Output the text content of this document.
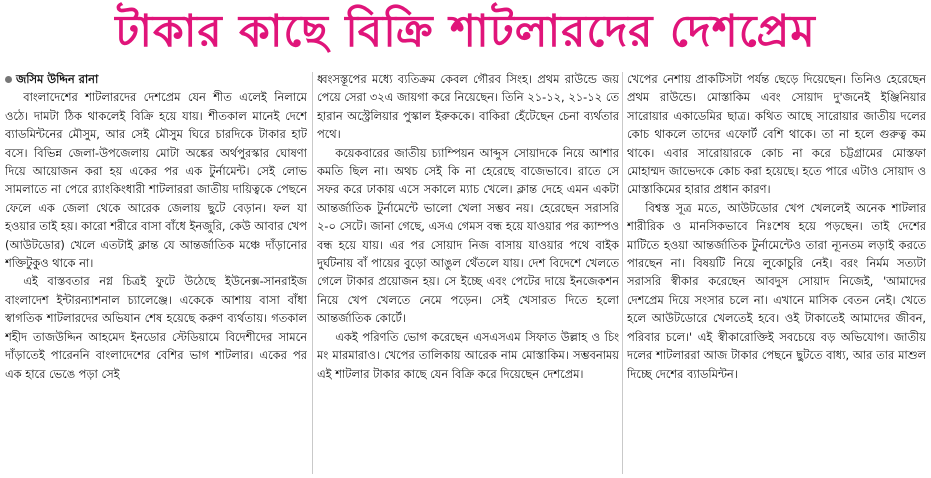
টাকার কাছে বিক্রি শাটলারদের দেশপ্রেম
জসিম উদ্দিন রানা

বাংলাদেশের শাটলারদের দেশপ্রেম যেন শীত এলেই নিলামে ওঠে। দামটা ঠিক থাকলেই বিক্রি হয়ে যায়। শীতকাল মানেই দেশে ব্যাডমিন্টনের মৌসুম, আর সেই মৌসুম ঘিরে চারদিকে টাকার হাট বসে। বিভিন্ন জেলা-উপজেলায় মোটা অঙ্কের অর্থপুরস্কার ঘোষণা দিয়ে আয়োজন করা হয় একের পর এক টুর্নামেন্ট। সেই লোভ সামলাতে না পেরে র‍্যাংকিংধারী শাটলাররা জাতীয় দায়িত্বকে পেছনে ফেলে এক জেলা থেকে আরেক জেলায় ছুটে বেড়ান। ফল যা হওয়ার তাই হয়। কারো শরীরে বাসা বাঁধে ইনজুরি, কেউ আবার খেপ (আউটডোর) খেলে এতটাই ক্লান্ত যে আন্তর্জাতিক মঞ্চে দাঁড়ানোর শক্তিটুকুও থাকে না।

এই বাস্তবতার নগ্ন চিত্রই ফুটে উঠেছে ইউনেক্স-সানরাইজ বাংলাদেশ ইন্টারন্যাশনাল চ্যালেঞ্জে। একেকে আশায় বাসা বাঁধা স্বাগতিক শাটলারদের অভিযান শেষ হয়েছে করুণ ব্যর্থতায়। গতকাল শহীদ তাজউদ্দিন আহমেদ ইনডোর স্টেডিয়ামে বিদেশীদের সামনে দাঁড়াতেই পারেননি বাংলাদেশের বেশির ভাগ শাটলার। একের পর এক হারে ভেঙে পড়া সেই

ধ্বংসস্তূপের মধ্যে ব্যতিক্রম কেবল গৌরব সিংহ। প্রথম রাউন্ডে জয় পেয়ে সেরা ৩২এ জায়গা করে নিয়েছেন। তিনি ২১-১২, ২১-১২ তে হারান অস্ট্রেলিয়ার পুস্কাল ইরুককে। বাকিরা হেঁটেছেন চেনা ব্যর্থতার পথে।

কয়েকবারের জাতীয় চ্যাম্পিয়ন আব্দুস সোয়াদকে নিয়ে আশার কমতি ছিল না। অথচ সেই কি না হেরেছে বাজেভাবে। রাতে সে সফর করে ঢাকায় এসে সকালে ম্যাচ খেলে। ক্লান্ত দেহে এমন একটা আন্তর্জাতিক টুর্নামেন্টে ভালো খেলা সম্ভব নয়। হেরেছেন সরাসরি ২-০ সেটে। জানা গেছে, এসএ গেমস বন্ধ হয়ে যাওয়ার পর ক্যাম্পও বন্ধ হয়ে যায়। এর পর সোয়াদ নিজ বাসায় যাওয়ার পথে বাইক দুর্ঘটনায় বাঁ পায়ের বুড়ো আঙুল থেঁতলে যায়। দেশ বিদেশে খেলতে গেলে টাকার প্রয়োজন হয়। সে ইচ্ছে এবং পেটের দায়ে ইনজেকশন নিয়ে খেপ খেলতে নেমে পড়েন। সেই খেসারত দিতে হলো আন্তর্জাতিক কোর্টে।

একই পরিণতি ভোগ করেছেন এসএসএম সিফাত উল্লাহ ও চিং মং মারমারাও। খেপের তালিকায় আরেক নাম মোস্তাকিম। সম্ভবনাময় এই শাটলার টাকার কাছে যেন বিক্রি করে দিয়েছেন দেশপ্রেম।

খেপের নেশায় প্রাকটিসটা পর্যন্ত ছেড়ে দিয়েছেন। তিনিও হেরেছেন প্রথম রাউন্ডে। মোস্তাকিম এবং সোয়াদ দু'জনেই ইঞ্জিনিয়ার সারোয়ার একাডেমির ছাত্র। কথিত আছে সারোয়ার জাতীয় দলের কোচ থাকলে তাদের এফোর্ট বেশি থাকে। তা না হলে গুরুত্ব কম থাকে। এবার সারোয়ারকে কোচ না করে চট্টগ্রামের মোস্তফা মোহাম্মদ জাভেদকে কোচ করা হয়েছে। হতে পারে এটাও সোয়াদ ও মোস্তাকিমের হারার প্রধান কারণ।

বিশ্বস্ত সূত্র মতে, আউটডোর খেপ খেললেই অনেক শাটলার শারীরিক ও মানসিকভাবে নিঃশেষ হয়ে পড়ছেন। তাই দেশের মাটিতে হওয়া আন্তর্জাতিক টুর্নামেন্টেও তারা ন্যূনতম লড়াই করতে পারছেন না। বিষয়টি নিয়ে লুকোচুরি নেই। বরং নির্মম সত্যটা সরাসরি স্বীকার করেছেন আবদুস সোয়াদ নিজেই, 'আমাদের দেশপ্রেম দিয়ে সংসার চলে না। এখানে মাসিক বেতন নেই। খেতে হলে আউটডোরে খেলতেই হবে। ওই টাকাতেই আমাদের জীবন, পরিবার চলে।' এই স্বীকারোক্তিই সবচেয়ে বড় অভিযোগ। জাতীয় দলের শাটলাররা আজ টাকার পেছনে ছুটতে বাধ্য, আর তার মাশুল দিচ্ছে দেশের ব্যাডমিন্টন।
